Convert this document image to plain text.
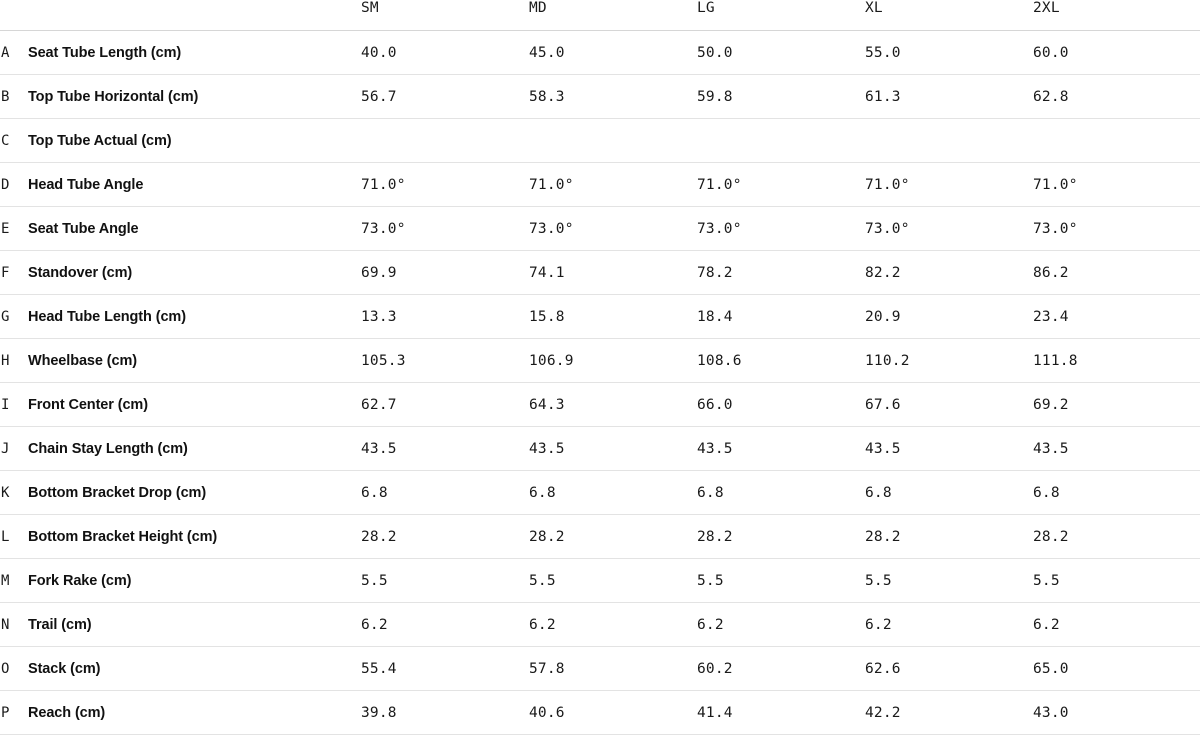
		SM	MD	LG	XL	2XL
A	Seat Tube Length (cm)	40.0	45.0	50.0	55.0	60.0
B	Top Tube Horizontal (cm)	56.7	58.3	59.8	61.3	62.8
C	Top Tube Actual (cm)					
D	Head Tube Angle	71.0°	71.0°	71.0°	71.0°	71.0°
E	Seat Tube Angle	73.0°	73.0°	73.0°	73.0°	73.0°
F	Standover (cm)	69.9	74.1	78.2	82.2	86.2
G	Head Tube Length (cm)	13.3	15.8	18.4	20.9	23.4
H	Wheelbase (cm)	105.3	106.9	108.6	110.2	111.8
I	Front Center (cm)	62.7	64.3	66.0	67.6	69.2
J	Chain Stay Length (cm)	43.5	43.5	43.5	43.5	43.5
K	Bottom Bracket Drop (cm)	6.8	6.8	6.8	6.8	6.8
L	Bottom Bracket Height (cm)	28.2	28.2	28.2	28.2	28.2
M	Fork Rake (cm)	5.5	5.5	5.5	5.5	5.5
N	Trail (cm)	6.2	6.2	6.2	6.2	6.2
O	Stack (cm)	55.4	57.8	60.2	62.6	65.0
P	Reach (cm)	39.8	40.6	41.4	42.2	43.0
